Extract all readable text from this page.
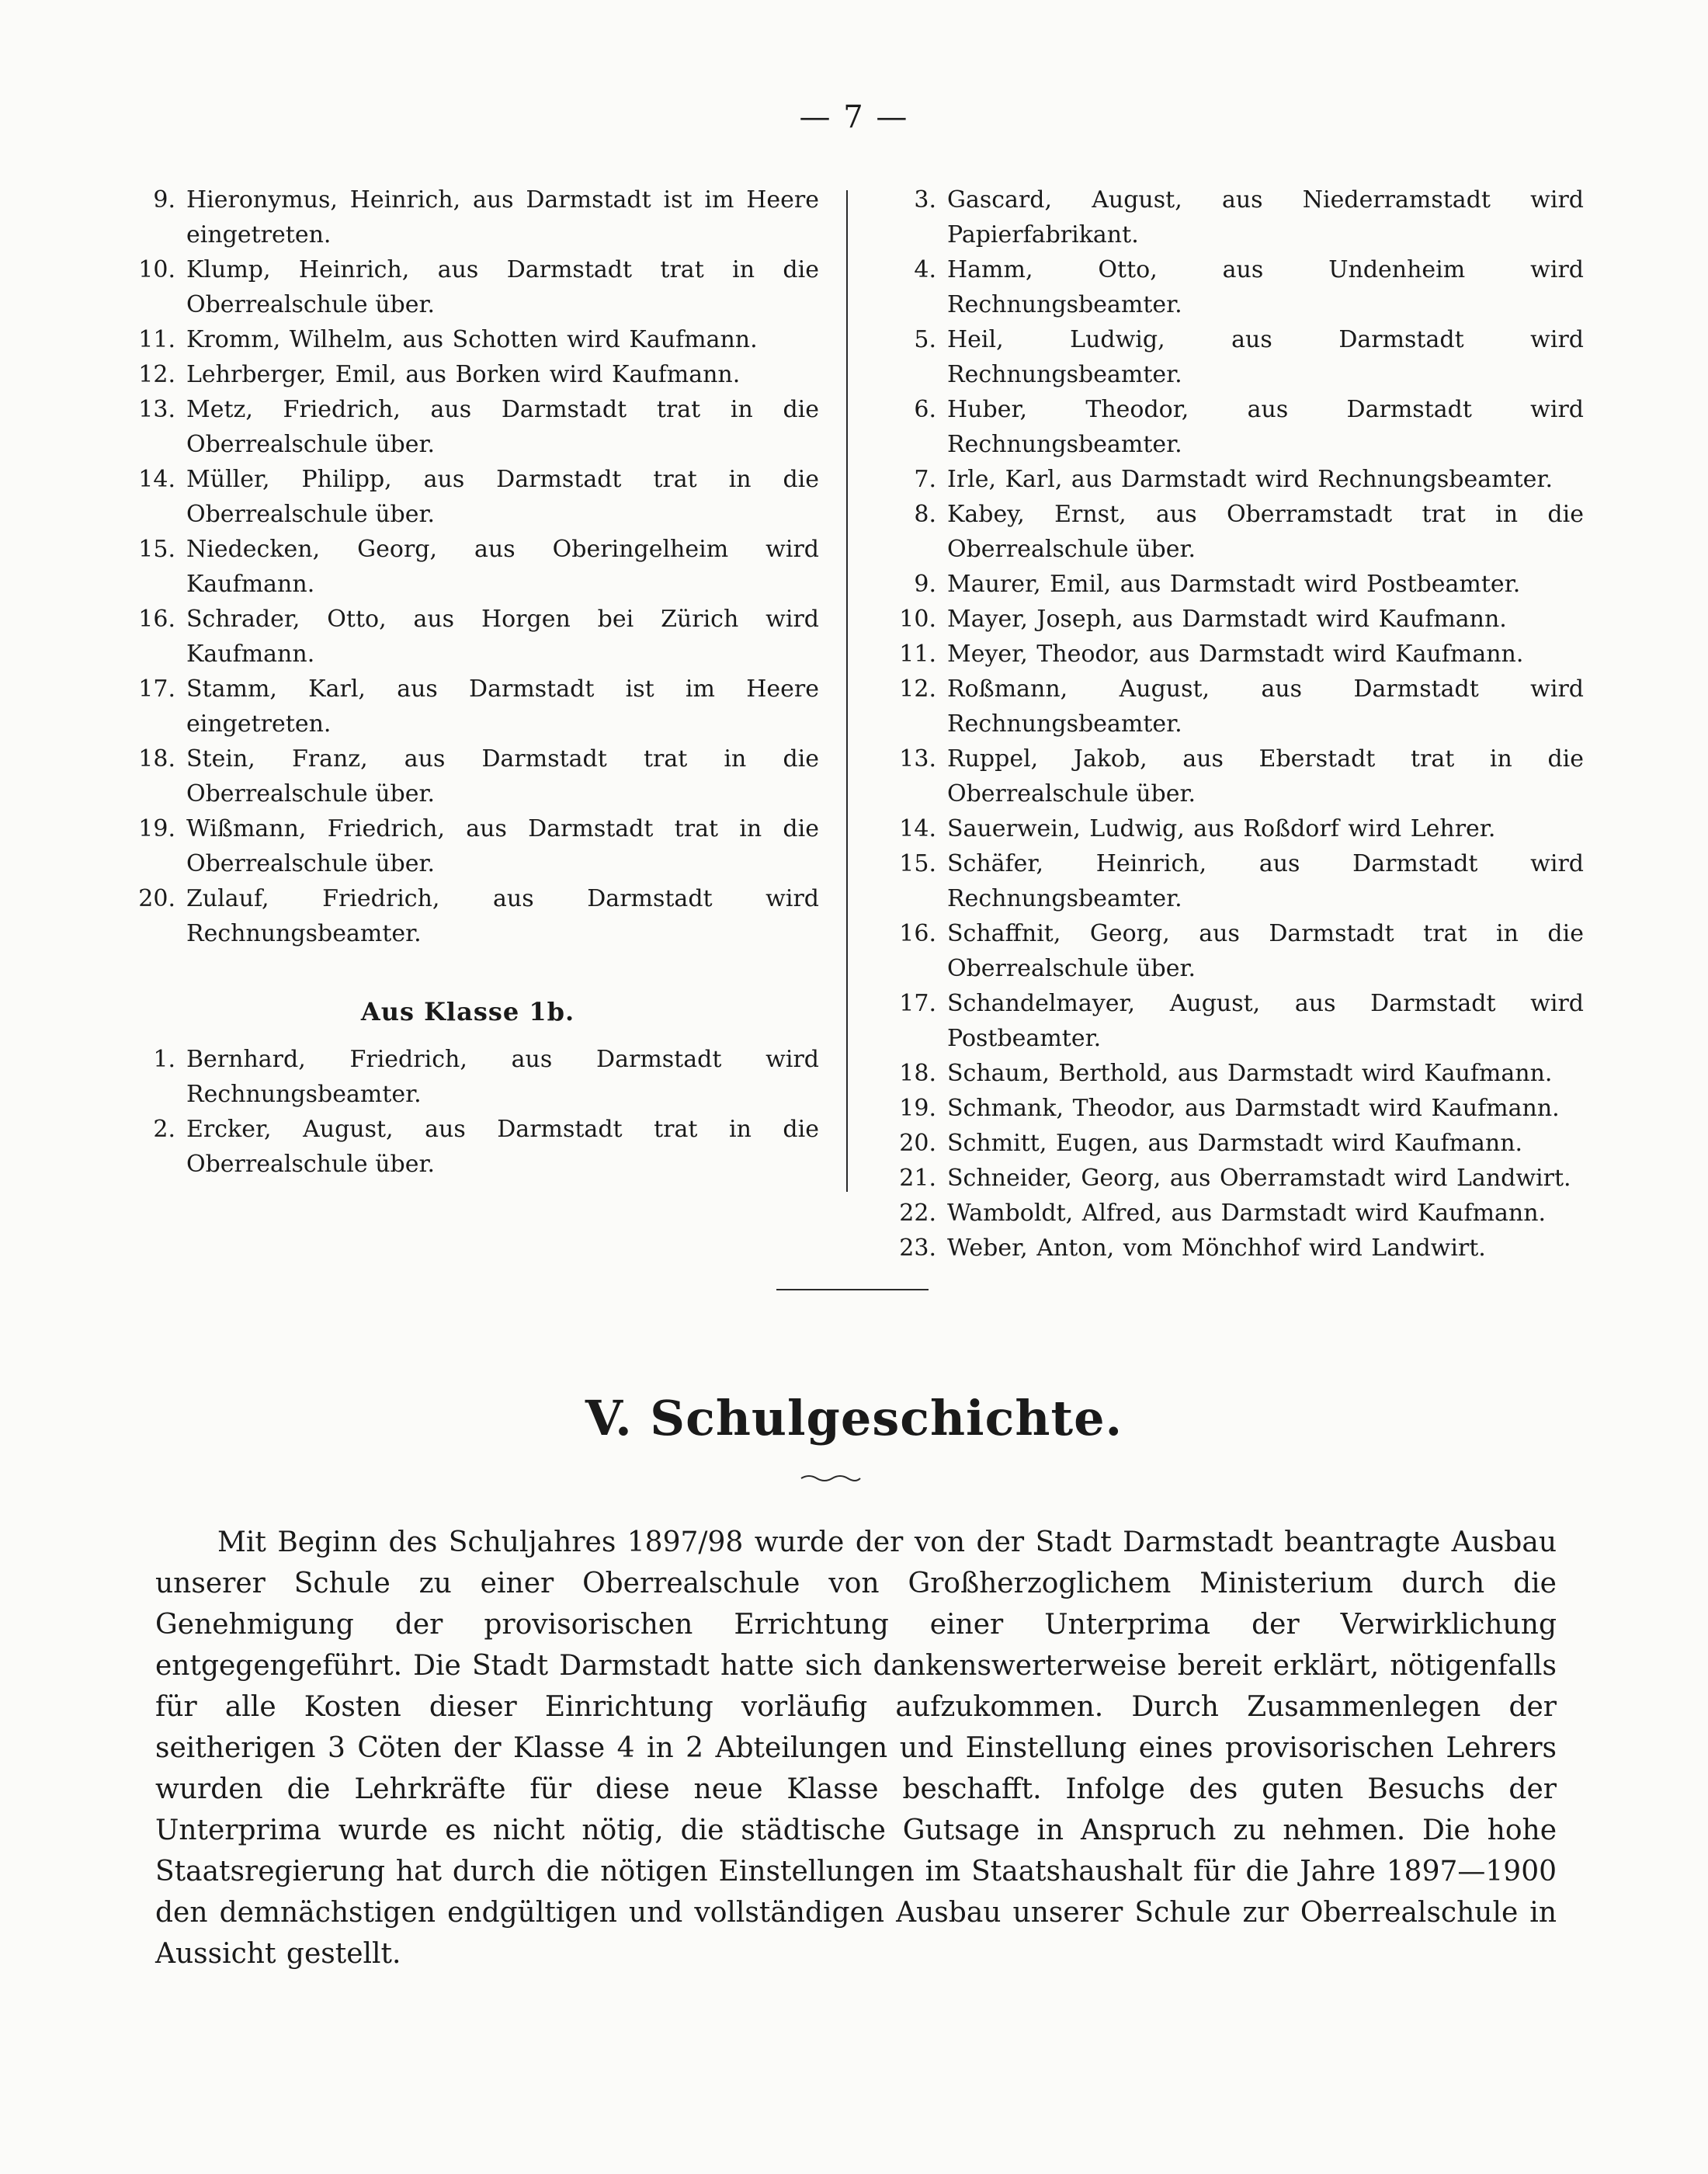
— 7 —
9. Hieronymus, Heinrich, aus Darmstadt ist im Heere eingetreten.
10. Klump, Heinrich, aus Darmstadt trat in die Oberrealschule über.
11. Kromm, Wilhelm, aus Schotten wird Kaufmann.
12. Lehrberger, Emil, aus Borken wird Kaufmann.
13. Metz, Friedrich, aus Darmstadt trat in die Oberrealschule über.
14. Müller, Philipp, aus Darmstadt trat in die Oberrealschule über.
15. Niedecken, Georg, aus Oberingelheim wird Kaufmann.
16. Schrader, Otto, aus Horgen bei Zürich wird Kaufmann.
17. Stamm, Karl, aus Darmstadt ist im Heere eingetreten.
18. Stein, Franz, aus Darmstadt trat in die Oberrealschule über.
19. Wißmann, Friedrich, aus Darmstadt trat in die Oberrealschule über.
20. Zulauf, Friedrich, aus Darmstadt wird Rechnungsbeamter.
Aus Klasse 1b.
1. Bernhard, Friedrich, aus Darmstadt wird Rechnungsbeamter.
2. Ercker, August, aus Darmstadt trat in die Oberrealschule über.
3. Gascard, August, aus Niederramstadt wird Papierfabrikant.
4. Hamm, Otto, aus Undenheim wird Rechnungsbeamter.
5. Heil, Ludwig, aus Darmstadt wird Rechnungsbeamter.
6. Huber, Theodor, aus Darmstadt wird Rechnungsbeamter.
7. Irle, Karl, aus Darmstadt wird Rechnungsbeamter.
8. Kabey, Ernst, aus Oberramstadt trat in die Oberrealschule über.
9. Maurer, Emil, aus Darmstadt wird Postbeamter.
10. Mayer, Joseph, aus Darmstadt wird Kaufmann.
11. Meyer, Theodor, aus Darmstadt wird Kaufmann.
12. Roßmann, August, aus Darmstadt wird Rechnungsbeamter.
13. Ruppel, Jakob, aus Eberstadt trat in die Oberrealschule über.
14. Sauerwein, Ludwig, aus Roßdorf wird Lehrer.
15. Schäfer, Heinrich, aus Darmstadt wird Rechnungsbeamter.
16. Schaffnit, Georg, aus Darmstadt trat in die Oberrealschule über.
17. Schandelmayer, August, aus Darmstadt wird Postbeamter.
18. Schaum, Berthold, aus Darmstadt wird Kaufmann.
19. Schmank, Theodor, aus Darmstadt wird Kaufmann.
20. Schmitt, Eugen, aus Darmstadt wird Kaufmann.
21. Schneider, Georg, aus Oberramstadt wird Landwirt.
22. Wamboldt, Alfred, aus Darmstadt wird Kaufmann.
23. Weber, Anton, vom Mönchhof wird Landwirt.
V. Schulgeschichte.
Mit Beginn des Schuljahres 1897/98 wurde der von der Stadt Darmstadt beantragte Ausbau unserer Schule zu einer Oberrealschule von Großherzoglichem Ministerium durch die Genehmigung der provisorischen Errichtung einer Unterprima der Verwirklichung entgegengeführt. Die Stadt Darmstadt hatte sich dankenswerterweise bereit erklärt, nötigenfalls für alle Kosten dieser Einrichtung vorläufig aufzukommen. Durch Zusammenlegen der seitherigen 3 Cöten der Klasse 4 in 2 Abteilungen und Einstellung eines provisorischen Lehrers wurden die Lehrkräfte für diese neue Klasse beschafft. Infolge des guten Besuchs der Unterprima wurde es nicht nötig, die städtische Gutsage in Anspruch zu nehmen. Die hohe Staatsregierung hat durch die nötigen Einstellungen im Staatshaushalt für die Jahre 1897—1900 den demnächstigen endgültigen und vollständigen Ausbau unserer Schule zur Oberrealschule in Aussicht gestellt.
